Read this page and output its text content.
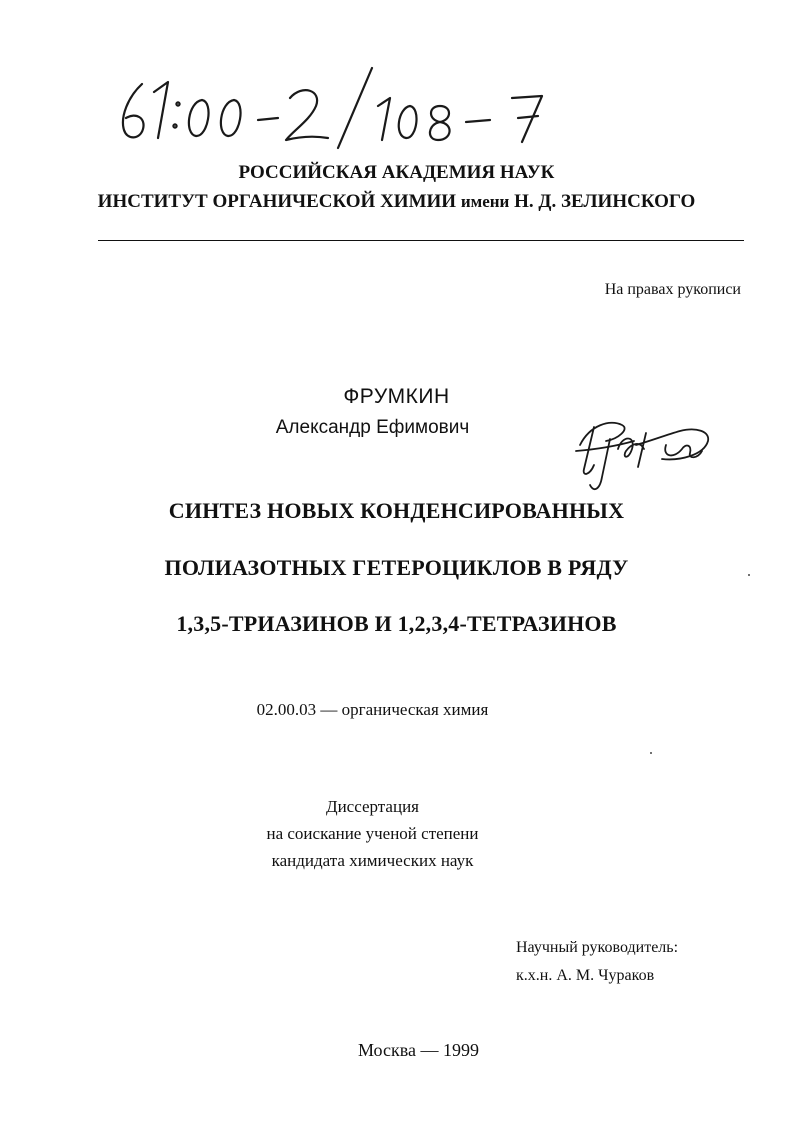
РОССИЙСКАЯ АКАДЕМИЯ НАУК
ИНСТИТУТ ОРГАНИЧЕСКОЙ ХИМИИ имени Н. Д. ЗЕЛИНСКОГО
На правах рукописи
ФРУМКИН
Александр Ефимович
СИНТЕЗ НОВЫХ КОНДЕНСИРОВАННЫХ
ПОЛИАЗОТНЫХ ГЕТЕРОЦИКЛОВ В РЯДУ
1,3,5-ТРИАЗИНОВ И 1,2,3,4-ТЕТРАЗИНОВ
02.00.03 — органическая химия
Диссертация
на соискание ученой степени
кандидата химических наук
Научный руководитель:
к.х.н. А. М. Чураков
Москва — 1999
